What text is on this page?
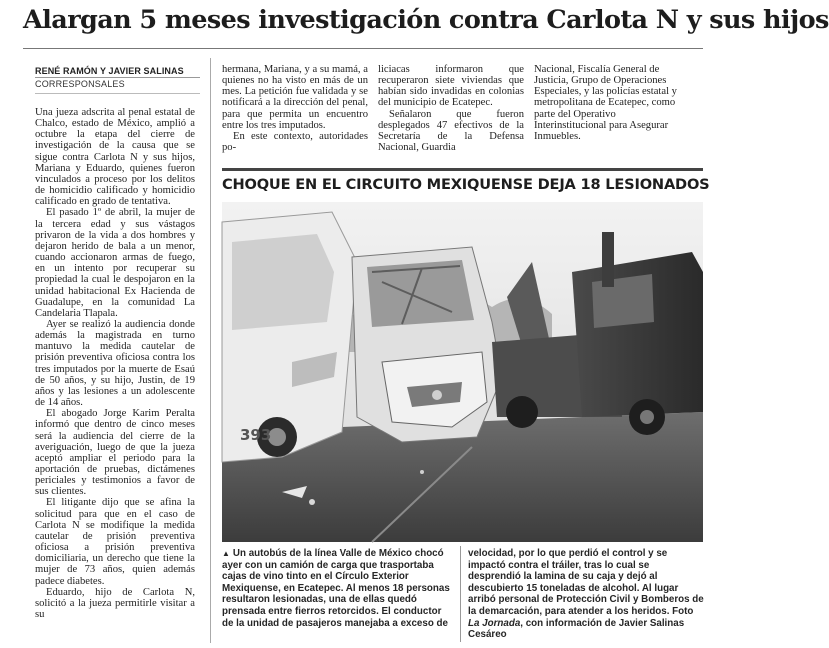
Alargan 5 meses investigación contra Carlota N y sus hijos
RENÉ RAMÓN Y JAVIER SALINAS
CORRESPONSALES

Una jueza adscrita al penal estatal de Chalco, estado de México, amplió a octubre la etapa del cierre de investigación de la causa que se sigue contra Carlota N y sus hijos, Mariana y Eduardo, quienes fueron vinculados a proceso por los delitos de homicidio calificado y homicidio calificado en grado de tentativa.

El pasado 1º de abril, la mujer de la tercera edad y sus vástagos privaron de la vida a dos hombres y dejaron herido de bala a un menor, cuando accionaron armas de fuego, en un intento por recuperar su propiedad la cual le despojaron en la unidad habitacional Ex Hacienda de Guadalupe, en la comunidad La Candelaria Tlapala.

Ayer se realizó la audiencia donde además la magistrada en turno mantuvo la medida cautelar de prisión preventiva oficiosa contra los tres imputados por la muerte de Esaú de 50 años, y su hijo, Justin, de 19 años y las lesiones a un adolescente de 14 años.

El abogado Jorge Karim Peralta informó que dentro de cinco meses será la audiencia del cierre de la averiguación, luego de que la jueza aceptó ampliar el periodo para la aportación de pruebas, dictámenes periciales y testimonios a favor de sus clientes.

El litigante dijo que se afina la solicitud para que en el caso de Carlota N se modifique la medida cautelar de prisión preventiva oficiosa a prisión preventiva domiciliaria, un derecho que tiene la mujer de 73 años, quien además padece diabetes.

Eduardo, hijo de Carlota N, solicitó a la jueza permitirle visitar a su

hermana, Mariana, y a su mamá, a quienes no ha visto en más de un mes. La petición fue validada y se notificará a la dirección del penal, para que permita un encuentro entre los tres imputados.

En este contexto, autoridades po-

liciacas informaron que recuperaron siete viviendas que habían sido invadidas en colonias del municipio de Ecatepec.

Señalaron que fueron desplegados 47 efectivos de la Secretaría de la Defensa Nacional, Guardia

Nacional, Fiscalía General de Justicia, Grupo de Operaciones Especiales, y las policías estatal y metropolitana de Ecatepec, como parte del Operativo Interinstitucional para Asegurar Inmuebles.

CHOQUE EN EL CIRCUITO MEXIQUENSE DEJA 18 LESIONADOS
393
▲ Un autobús de la línea Valle de México chocó ayer con un camión de carga que trasportaba cajas de vino tinto en el Círculo Exterior Mexiquense, en Ecatepec. Al menos 18 personas resultaron lesionadas, una de ellas quedó prensada entre fierros retorcidos. El conductor de la unidad de pasajeros manejaba a exceso de
velocidad, por lo que perdió el control y se impactó contra el tráiler, tras lo cual se desprendió la lamina de su caja y dejó al descubierto 15 toneladas de alcohol. Al lugar arribó personal de Protección Civil y Bomberos de la demarcación, para atender a los heridos. Foto La Jornada, con información de Javier Salinas Cesáreo
